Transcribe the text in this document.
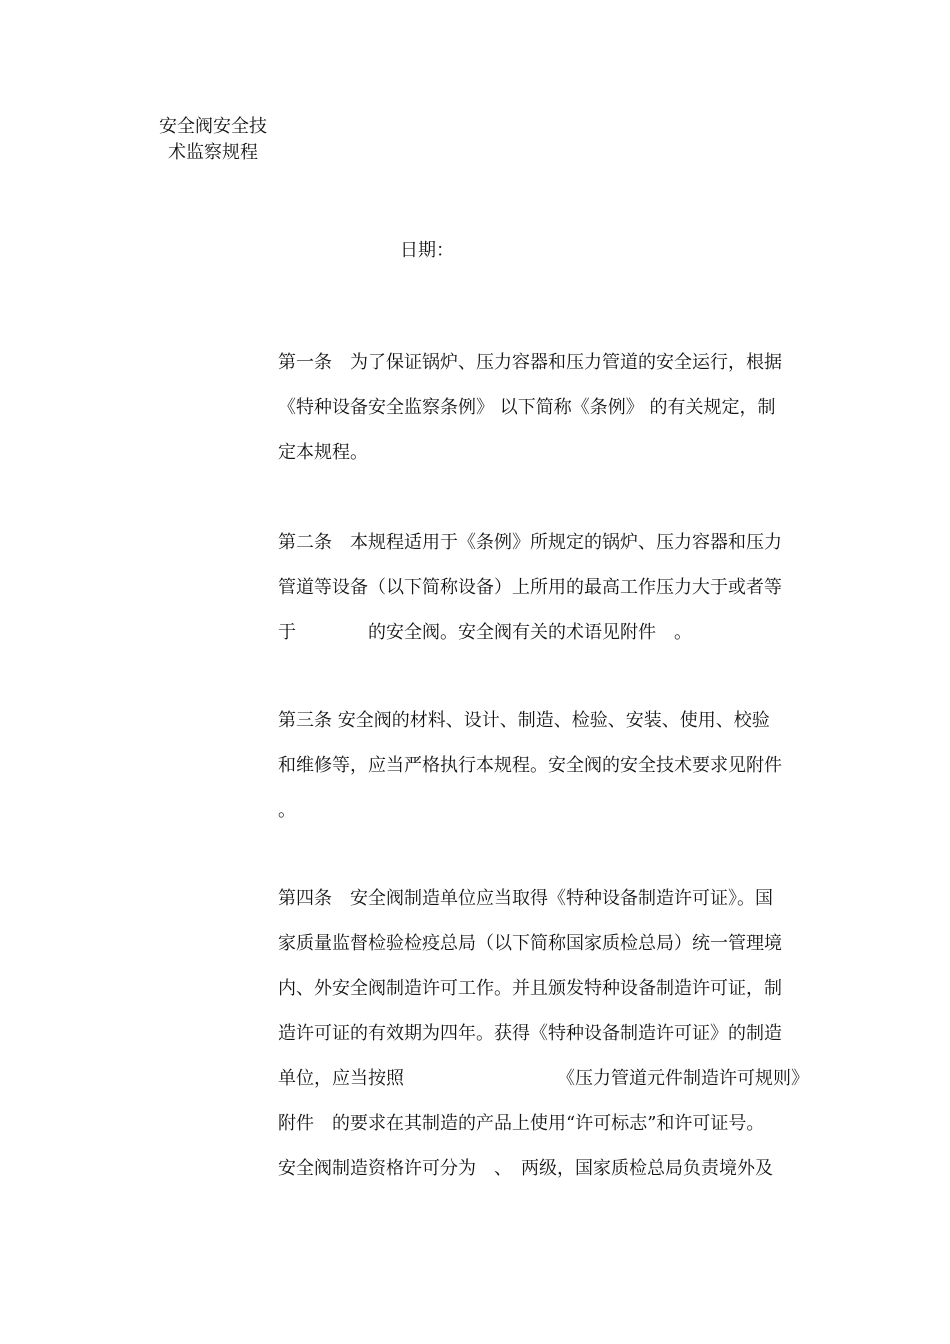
安全阀安全技
术监察规程
日期：
第一条　为了保证锅炉、压力容器和压力管道的安全运行，根据
《特种设备安全监察条例》 以下简称《条例》 的有关规定，制
定本规程。
第二条　本规程适用于《条例》所规定的锅炉、压力容器和压力
管道等设备（以下简称设备）上所用的最高工作压力大于或者等
于　　　　的安全阀。安全阀有关的术语见附件　。
第三条 安全阀的材料、设计、制造、检验、安装、使用、校验
和维修等，应当严格执行本规程。安全阀的安全技术要求见附件
。
第四条　安全阀制造单位应当取得《特种设备制造许可证》。国
家质量监督检验检疫总局（以下简称国家质检总局）统一管理境
内、外安全阀制造许可工作。并且颁发特种设备制造许可证，制
造许可证的有效期为四年。获得《特种设备制造许可证》的制造
单位，应当按照　　　　　　　　　《压力管道元件制造许可规则》
附件　的要求在其制造的产品上使用“许可标志”和许可证号。
安全阀制造资格许可分为　、　两级，国家质检总局负责境外及
